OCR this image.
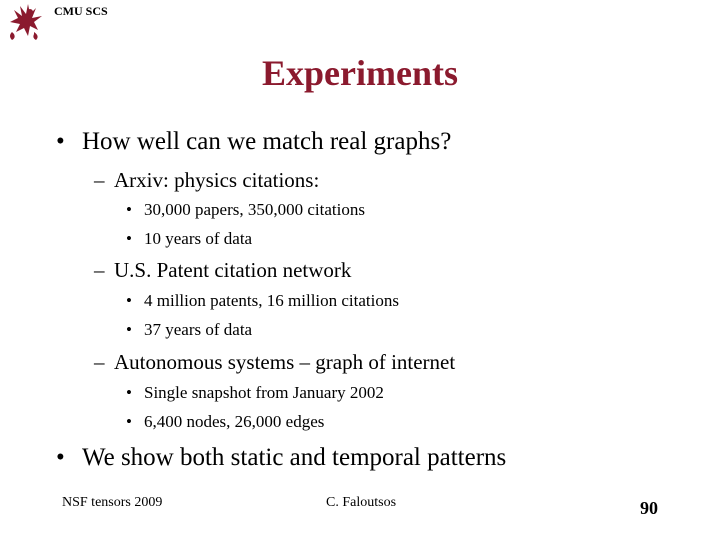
CMU SCS
Experiments
• How well can we match real graphs?
– Arxiv: physics citations:
• 30,000 papers, 350,000 citations
• 10 years of data
– U.S. Patent citation network
• 4 million patents, 16 million citations
• 37 years of data
– Autonomous systems – graph of internet
• Single snapshot from January 2002
• 6,400 nodes, 26,000 edges
• We show both static and temporal patterns
NSF tensors 2009	C. Faloutsos	90
